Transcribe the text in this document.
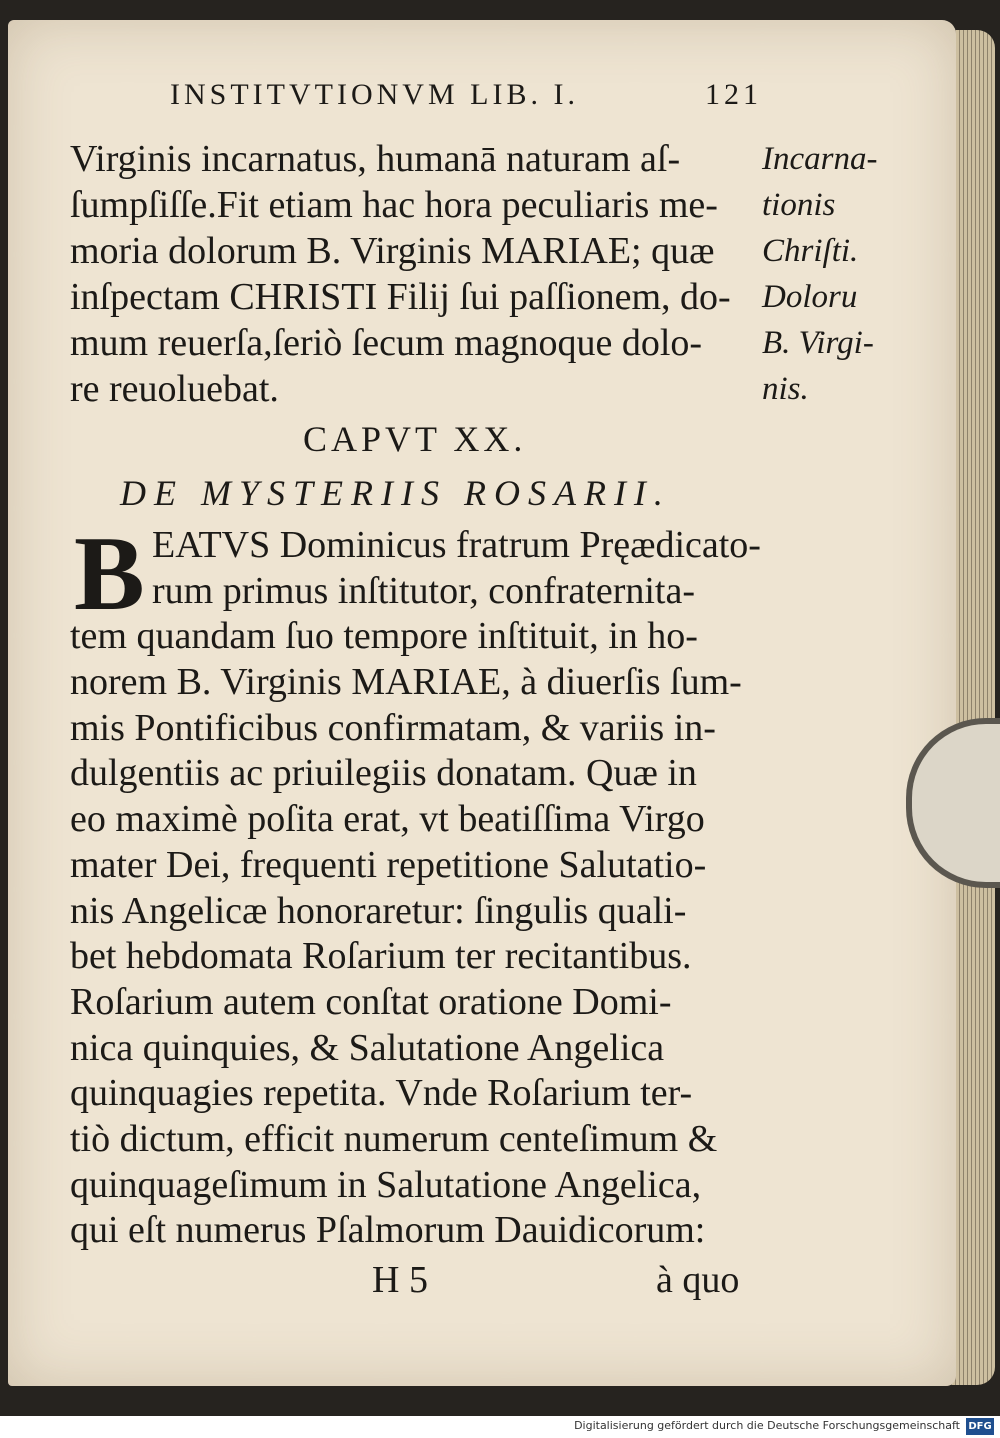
INSTITVTIONVM LIB. I.	121
Virginis incarnatus, humanā naturam aſ-
ſumpſiſſe.Fit etiam hac hora peculiaris me-
moria dolorum B. Virginis MARIAE; quæ
inſpectam CHRISTI Filij ſui paſſionem, do-
mum reuerſa,ſeriò ſecum magnoque dolo-
re reuoluebat.
Incarna-
tionis
Chriſti.
Doloru
B. Virgi-
nis.
CAPVT XX.
DE MYSTERIIS ROSARII.
B EATVS Dominicus fratrum Pręædicato-
rum primus inſtitutor, confraternita-
tem quandam ſuo tempore inſtituit, in ho-
norem B. Virginis MARIAE, à diuerſis ſum-
mis Pontificibus confirmatam, & variis in-
dulgentiis ac priuilegiis donatam. Quæ in
eo maximè poſita erat, vt beatiſſima Virgo
mater Dei, frequenti repetitione Salutatio-
nis Angelicæ honoraretur: ſingulis quali-
bet hebdomata Roſarium ter recitantibus.
Roſarium autem conſtat oratione Domi-
nica quinquies, & Salutatione Angelica
quinquagies repetita. Vnde Roſarium ter-
tiò dictum, efficit numerum centeſimum &
quinquageſimum in Salutatione Angelica,
qui eſt numerus Pſalmorum Dauidicorum:
H 5	à quo
Digitalisierung gefördert durch die Deutsche Forschungsgemeinschaft DFG
